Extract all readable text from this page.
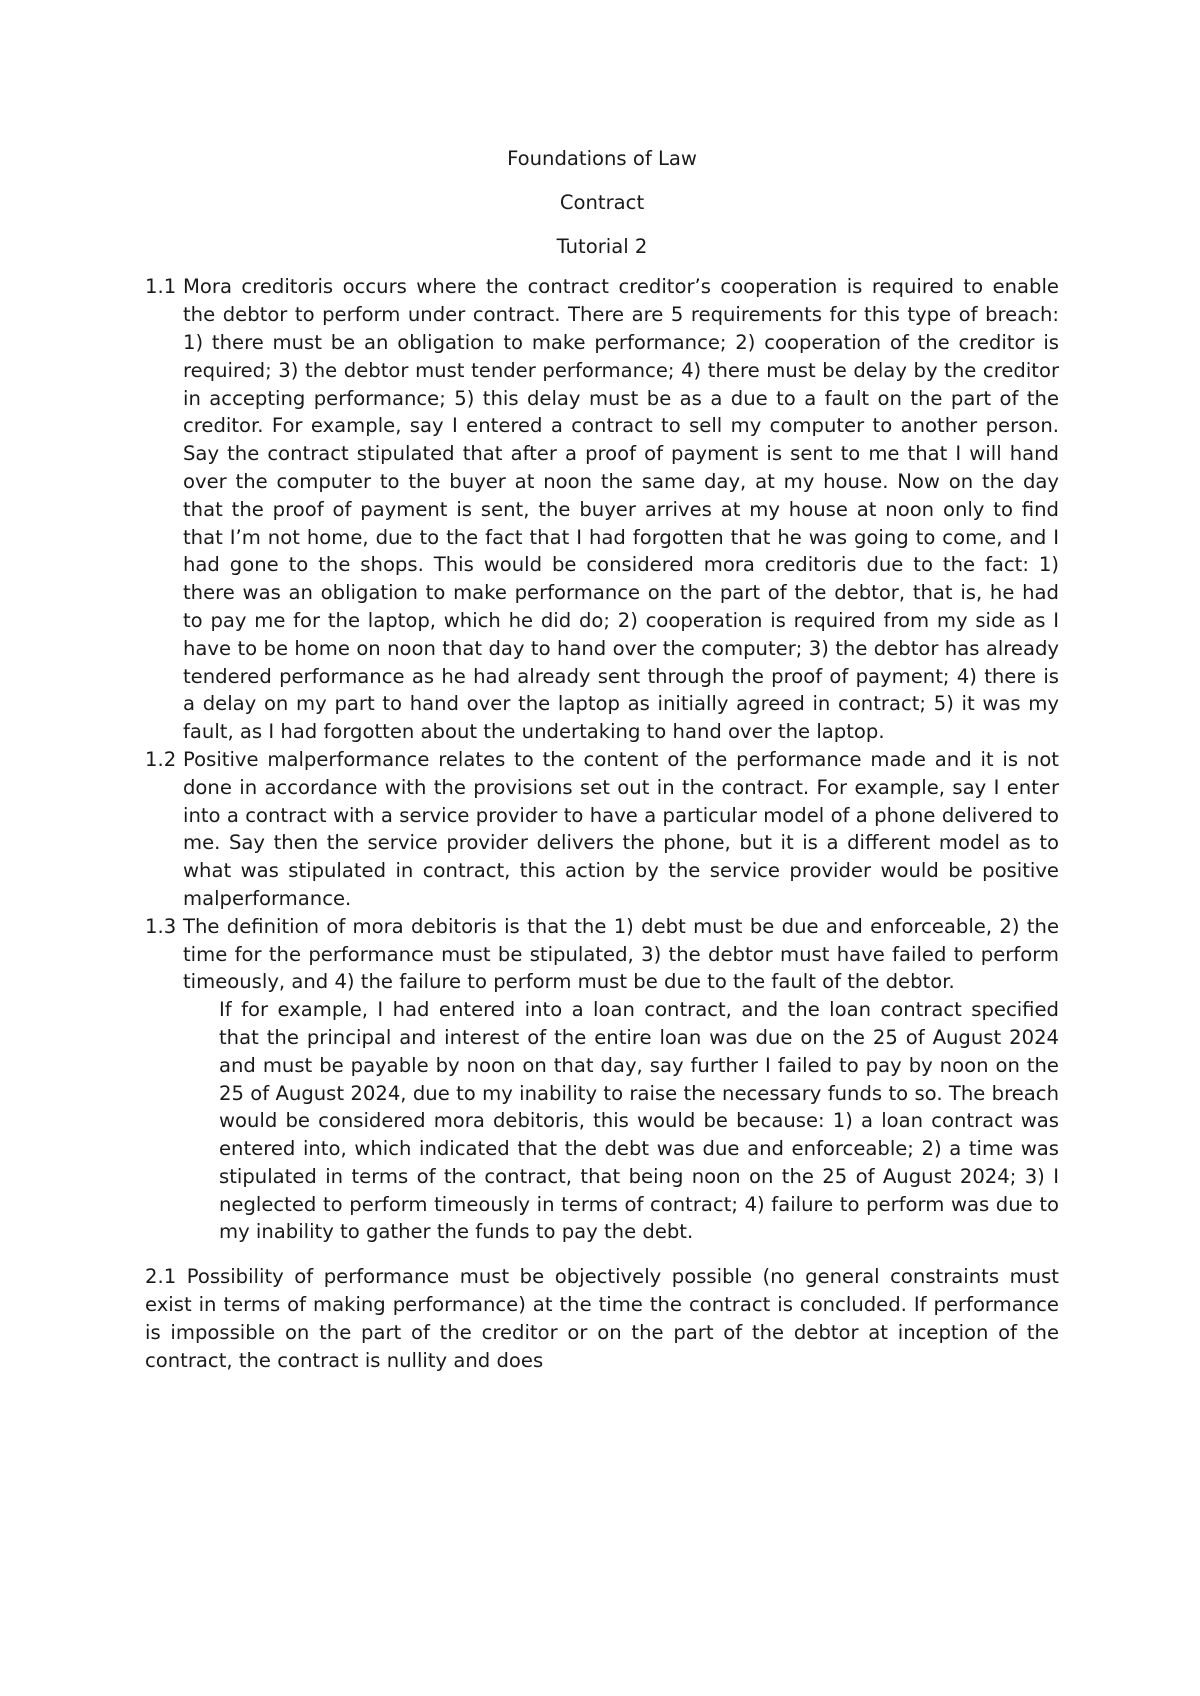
Foundations of Law

Contract

Tutorial 2

1.1 Mora creditoris occurs where the contract creditor’s cooperation is required to enable the debtor to perform under contract. There are 5 requirements for this type of breach: 1) there must be an obligation to make performance; 2) cooperation of the creditor is required; 3) the debtor must tender performance; 4) there must be delay by the creditor in accepting performance; 5) this delay must be as a due to a fault on the part of the creditor. For example, say I entered a contract to sell my computer to another person. Say the contract stipulated that after a proof of payment is sent to me that I will hand over the computer to the buyer at noon the same day, at my house. Now on the day that the proof of payment is sent, the buyer arrives at my house at noon only to find that I’m not home, due to the fact that I had forgotten that he was going to come, and I had gone to the shops. This would be considered mora creditoris due to the fact: 1) there was an obligation to make performance on the part of the debtor, that is, he had to pay me for the laptop, which he did do; 2) cooperation is required from my side as I have to be home on noon that day to hand over the computer; 3) the debtor has already tendered performance as he had already sent through the proof of payment; 4) there is a delay on my part to hand over the laptop as initially agreed in contract; 5) it was my fault, as I had forgotten about the undertaking to hand over the laptop.
1.2 Positive malperformance relates to the content of the performance made and it is not done in accordance with the provisions set out in the contract. For example, say I enter into a contract with a service provider to have a particular model of a phone delivered to me. Say then the service provider delivers the phone, but it is a different model as to what was stipulated in contract, this action by the service provider would be positive malperformance.
1.3 The definition of mora debitoris is that the 1) debt must be due and enforceable, 2) the time for the performance must be stipulated, 3) the debtor must have failed to perform timeously, and 4) the failure to perform must be due to the fault of the debtor.

If for example, I had entered into a loan contract, and the loan contract specified that the principal and interest of the entire loan was due on the 25 of August 2024 and must be payable by noon on that day, say further I failed to pay by noon on the 25 of August 2024, due to my inability to raise the necessary funds to so. The breach would be considered mora debitoris, this would be because: 1) a loan contract was entered into, which indicated that the debt was due and enforceable; 2) a time was stipulated in terms of the contract, that being noon on the 25 of August 2024; 3) I neglected to perform timeously in terms of contract; 4) failure to perform was due to my inability to gather the funds to pay the debt.

2.1 Possibility of performance must be objectively possible (no general constraints must exist in terms of making performance) at the time the contract is concluded. If performance is impossible on the part of the creditor or on the part of the debtor at inception of the contract, the contract is nullity and does
